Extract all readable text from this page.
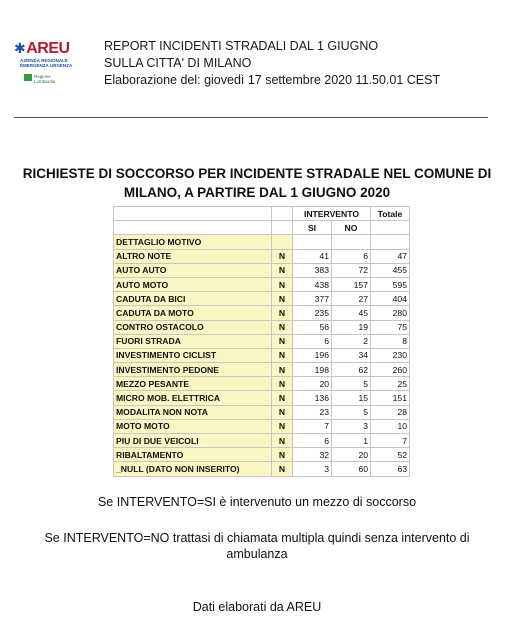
✱AREU
AZIENDA REGIONALE
EMERGENZA URGENZA
Regione
Lombardia
REPORT INCIDENTI STRADALI DAL 1 GIUGNO
SULLA CITTA' DI MILANO
Elaborazione del: giovedì 17 settembre 2020 11.50.01 CEST
RICHIESTE DI SOCCORSO PER INCIDENTE STRADALE NEL COMUNE DI
MILANO, A PARTIRE DAL 1 GIUGNO 2020
		INTERVENTO		Totale
		SI	NO	
DETTAGLIO MOTIVO				
ALTRO NOTE	N	41	6	47
AUTO AUTO	N	383	72	455
AUTO MOTO	N	438	157	595
CADUTA DA BICI	N	377	27	404
CADUTA DA MOTO	N	235	45	280
CONTRO OSTACOLO	N	56	19	75
FUORI STRADA	N	6	2	8
INVESTIMENTO CICLIST	N	196	34	230
INVESTIMENTO PEDONE	N	198	62	260
MEZZO PESANTE	N	20	5	25
MICRO MOB. ELETTRICA	N	136	15	151
MODALITA NON NOTA	N	23	5	28
MOTO MOTO	N	7	3	10
PIU DI DUE VEICOLI	N	6	1	7
RIBALTAMENTO	N	32	20	52
_NULL (DATO NON INSERITO)	N	3	60	63
Se INTERVENTO=SI è intervenuto un mezzo di soccorso
Se INTERVENTO=NO trattasi di chiamata multipla quindi senza intervento di ambulanza
Dati elaborati da AREU
